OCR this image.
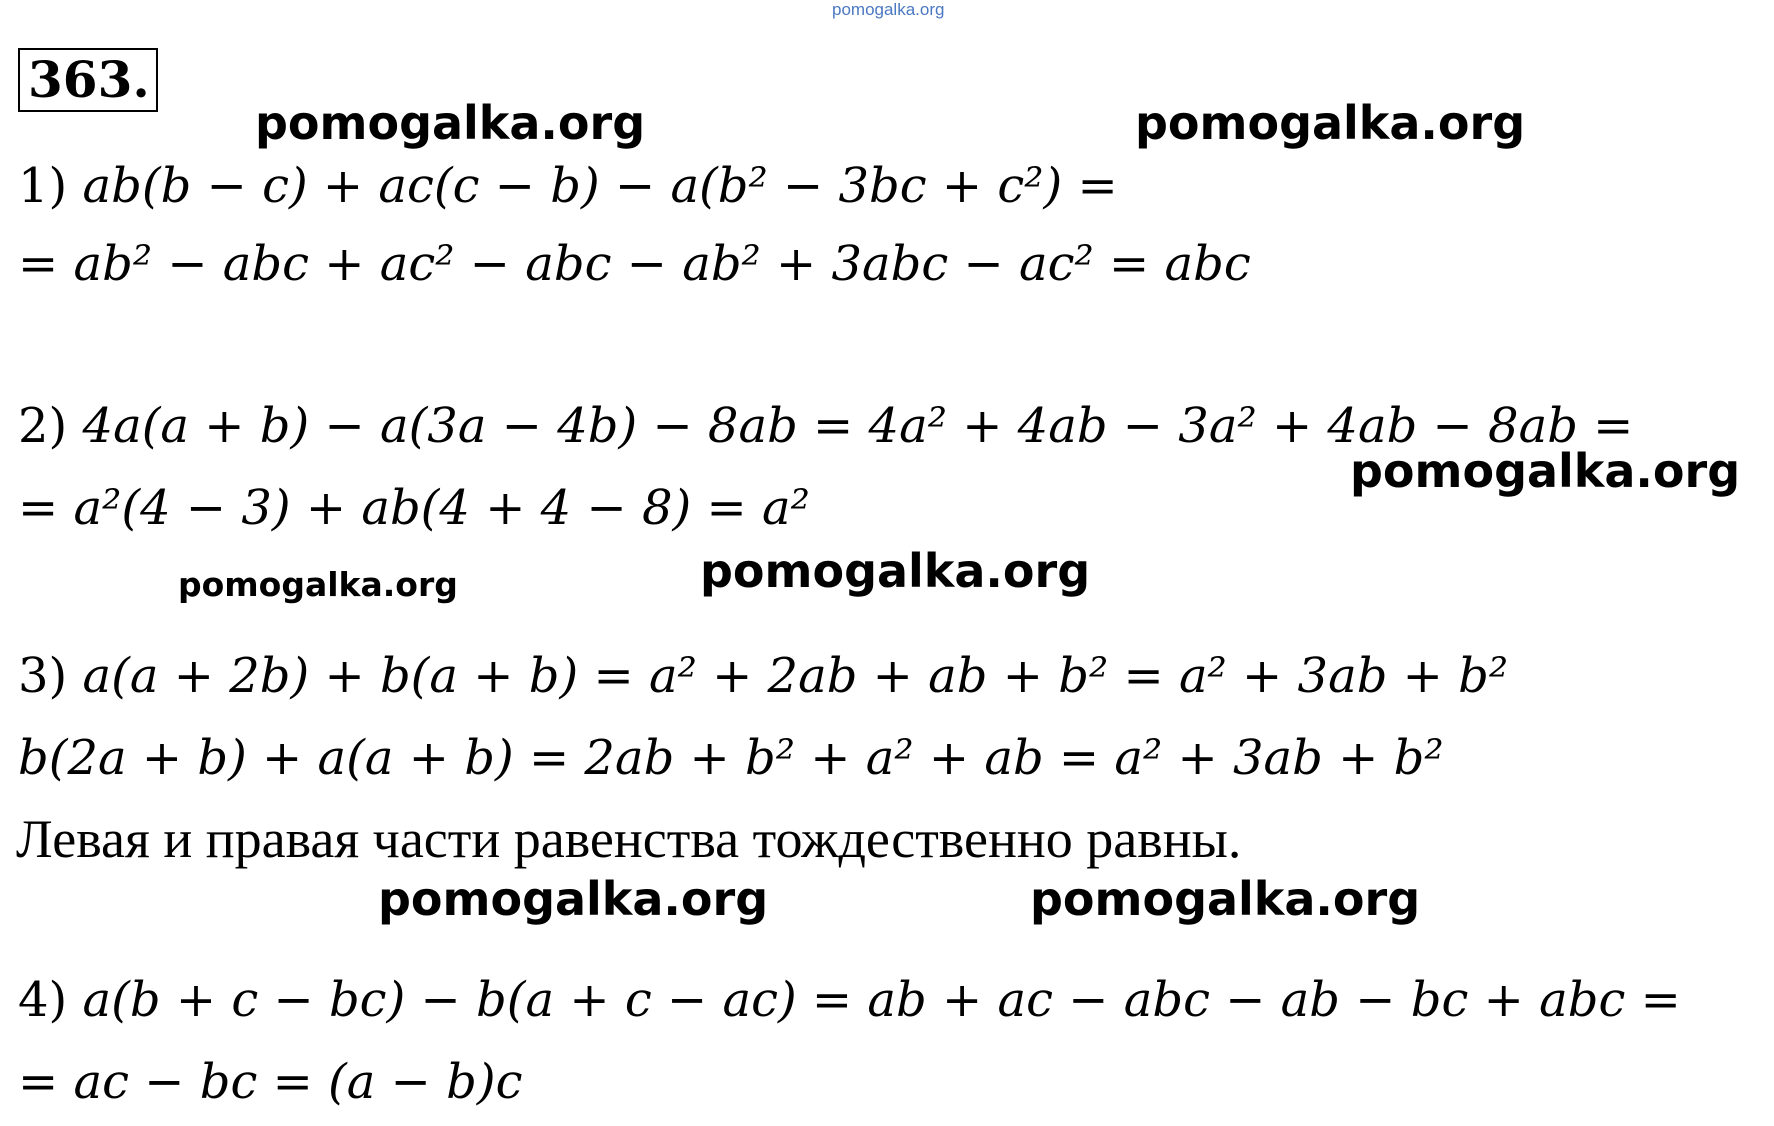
pomogalka.org
363.
pomogalka.org	pomogalka.org
1) ab(b − c) + ac(c − b) − a(b² − 3bc + c²) =
= ab² − abc + ac² − abc − ab² + 3abc − ac² = abc
2) 4a(a + b) − a(3a − 4b) − 8ab = 4a² + 4ab − 3a² + 4ab − 8ab =
pomogalka.org
= a²(4 − 3) + ab(4 + 4 − 8) = a²
pomogalka.org	pomogalka.org
3) a(a + 2b) + b(a + b) = a² + 2ab + ab + b² = a² + 3ab + b²
b(2a + b) + a(a + b) = 2ab + b² + a² + ab = a² + 3ab + b²
Левая и правая части равенства тождественно равны.
pomogalka.org	pomogalka.org
4) a(b + c − bc) − b(a + c − ac) = ab + ac − abc − ab − bc + abc =
= ac − bc = (a − b)c
